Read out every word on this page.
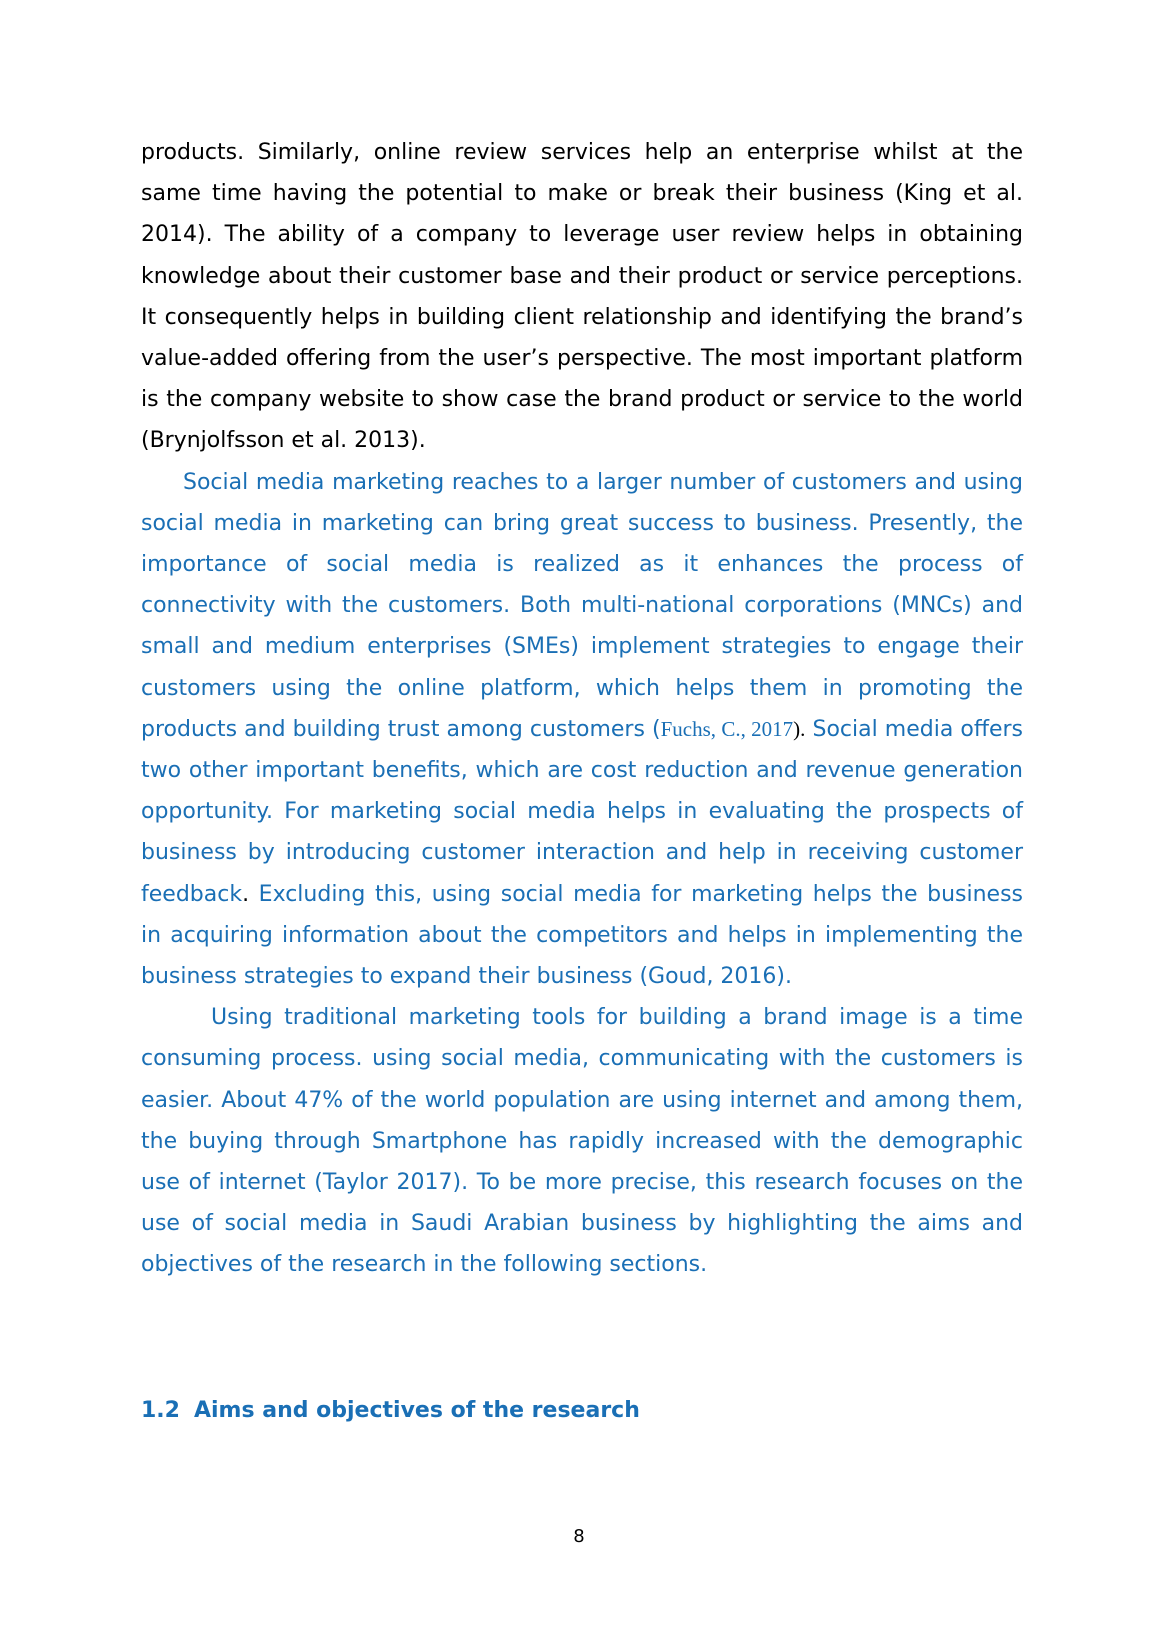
products. Similarly, online review services help an enterprise whilst at the same time having the potential to make or break their business (King et al. 2014). The ability of a company to leverage user review helps in obtaining knowledge about their customer base and their product or service perceptions. It consequently helps in building client relationship and identifying the brand’s value-added offering from the user’s perspective. The most important platform is the company website to show case the brand product or service to the world (Brynjolfsson et al. 2013).

Social media marketing reaches to a larger number of customers and using social media in marketing can bring great success to business. Presently, the importance of social media is realized as it enhances the process of connectivity with the customers. Both multi-national corporations (MNCs) and small and medium enterprises (SMEs) implement strategies to engage their customers using the online platform, which helps them in promoting the products and building trust among customers (Fuchs, C., 2017). Social media offers two other important benefits, which are cost reduction and revenue generation opportunity. For marketing social media helps in evaluating the prospects of business by introducing customer interaction and help in receiving customer feedback. Excluding this, using social media for marketing helps the business in acquiring information about the competitors and helps in implementing the business strategies to expand their business (Goud, 2016).

Using traditional marketing tools for building a brand image is a time consuming process. using social media, communicating with the customers is easier. About 47% of the world population are using internet and among them, the buying through Smartphone has rapidly increased with the demographic use of internet (Taylor 2017). To be more precise, this research focuses on the use of social media in Saudi Arabian business by highlighting the aims and objectives of the research in the following sections.

1.2 Aims and objectives of the research
8
